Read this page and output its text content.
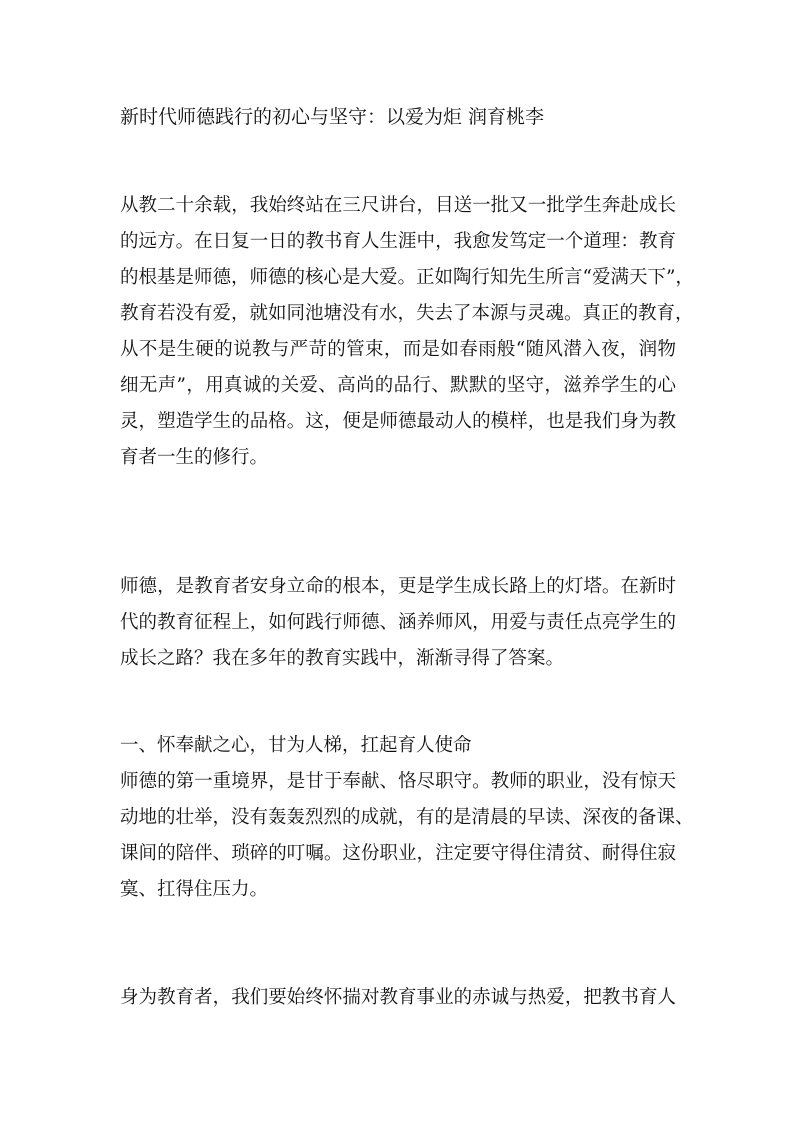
新时代师德践行的初心与坚守：以爱为炬 润育桃李
从教二十余载，我始终站在三尺讲台，目送一批又一批学生奔赴成长
的远方。在日复一日的教书育人生涯中，我愈发笃定一个道理：教育
的根基是师德，师德的核心是大爱。正如陶行知先生所言“爱满天下”，
教育若没有爱，就如同池塘没有水，失去了本源与灵魂。真正的教育，
从不是生硬的说教与严苛的管束，而是如春雨般“随风潜入夜，润物
细无声”，用真诚的关爱、高尚的品行、默默的坚守，滋养学生的心
灵，塑造学生的品格。这，便是师德最动人的模样，也是我们身为教
育者一生的修行。
师德，是教育者安身立命的根本，更是学生成长路上的灯塔。在新时
代的教育征程上，如何践行师德、涵养师风，用爱与责任点亮学生的
成长之路？我在多年的教育实践中，渐渐寻得了答案。
一、怀奉献之心，甘为人梯，扛起育人使命
师德的第一重境界，是甘于奉献、恪尽职守。教师的职业，没有惊天
动地的壮举，没有轰轰烈烈的成就，有的是清晨的早读、深夜的备课、
课间的陪伴、琐碎的叮嘱。这份职业，注定要守得住清贫、耐得住寂
寞、扛得住压力。
身为教育者，我们要始终怀揣对教育事业的赤诚与热爱，把教书育人
